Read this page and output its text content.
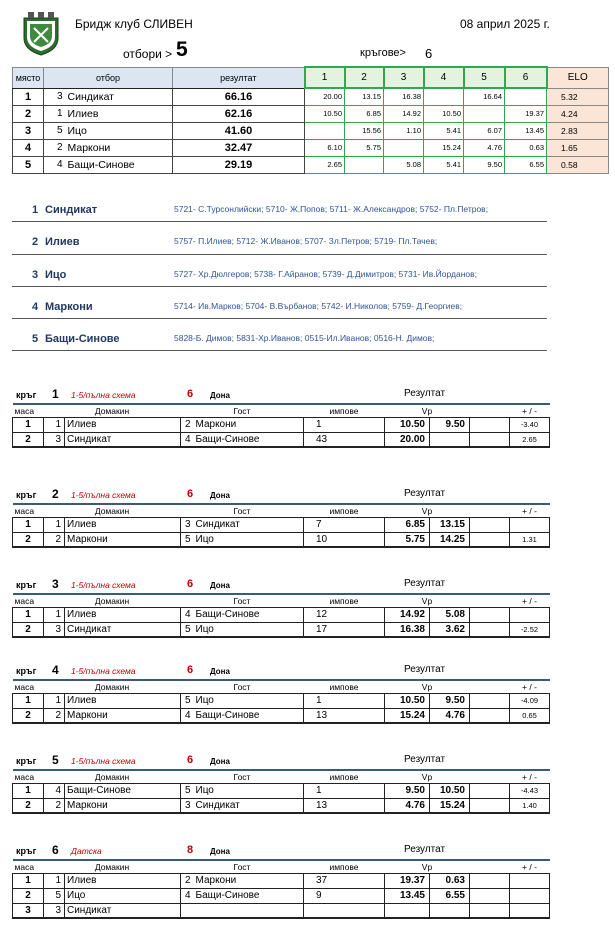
Бридж клуб СЛИВЕН	08 април 2025 г.
отбори > 5	кръгове> 6
място	отбор		резултат	1	2	3	4	5	6	ELO
1	3	Синдикат	66.16	20.00	13.15	16.38		16.64		5.32
2	1	Илиев	62.16	10.50	6.85	14.92	10.50		19.37	4.24
3	5	Ицо	41.60		15.56	1.10	5.41	6.07	13.45	2.83
4	2	Маркони	32.47	6.10	5.75		15.24	4.76	0.63	1.65
5	4	Бащи-Синове	29.19	2.65		5.08	5.41	9.50	6.55	0.58
1 Синдикат	5721- С.Турсонлийски; 5710- Ж.Попов; 5711- Ж.Александров; 5752- Пл.Петров;
2 Илиев	5757- П.Илиев; 5712- Ж.Иванов; 5707- Зл.Петров; 5719- Пл.Тачев;
3 Ицо	5727- Хр.Дюлгеров; 5738- Г.Айранов; 5739- Д.Димитров; 5731- Ив.Йорданов;
4 Маркони	5714- Ив.Марков; 5704- В.Върбанов; 5742- И.Николов; 5759- Д.Георгиев;
5 Бащи-Синове	5828-Б. Димов; 5831-Хр.Иванов; 0515-Ил.Иванов; 0516-Н. Димов;
кръг 1 1-5/пълна схема	6 Дона	Резултат
маса	Домакин		Гост		импове	Vp			+ / -
1	1	Илиев	2	Маркони	1	10.50	9.50		-3.40
2	3	Синдикат	4	Бащи-Синове	43	20.00			2.65
кръг 2 1-5/пълна схема	6 Дона	Резултат
маса	Домакин		Гост		импове	Vp			+ / -
1	1	Илиев	3	Синдикат	7	6.85	13.15		
2	2	Маркони	5	Ицо	10	5.75	14.25		1.31
кръг 3 1-5/пълна схема	6 Дона	Резултат
маса	Домакин		Гост		импове	Vp			+ / -
1	1	Илиев	4	Бащи-Синове	12	14.92	5.08		
2	3	Синдикат	5	Ицо	17	16.38	3.62		-2.52
кръг 4 1-5/пълна схема	6 Дона	Резултат
маса	Домакин		Гост		импове	Vp			+ / -
1	1	Илиев	5	Ицо	1	10.50	9.50		-4.09
2	2	Маркони	4	Бащи-Синове	13	15.24	4.76		0.65
кръг 5 1-5/пълна схема	6 Дона	Резултат
маса	Домакин		Гост		импове	Vp			+ / -
1	4	Бащи-Синове	5	Ицо	1	9.50	10.50		-4.43
2	2	Маркони	3	Синдикат	13	4.76	15.24		1.40
кръг 6 Датска	8 Дона	Резултат
маса	Домакин		Гост		импове	Vp			+ / -
1	1	Илиев	2	Маркони	37	19.37	0.63		
2	5	Ицо	4	Бащи-Синове	9	13.45	6.55		
3	3	Синдикат							
